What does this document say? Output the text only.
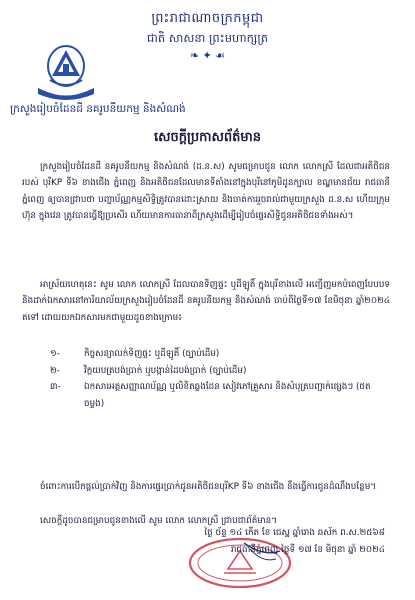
ព្រះរាជាណាចក្រកម្ពុជា
ជាតិ សាសនា ព្រះមហាក្សត្រ
❧ ✦ ☙
ក្រសួងរៀបចំដែនដី នគរូបនីយកម្ម និងសំណង់
សេចក្តីប្រកាសព័ត៌មាន

ក្រសួងរៀបចំដែនដី នគរូបនីយកម្ម និងសំណង់ (ដ.ន.ស) សូមជម្រាបជូន លោក លោកស្រី ដែលជាអតិថិជនរបស់ បុរីKP ទី៦ ខាងជើង ភ្នំពេញ និងអតិថិជនដែលមានទីតាំងនៅក្នុងបុរីនៅភូមិដូនក្បាល ខណ្ឌមានជ័យ រាជធានីភ្នំពេញ ឲ្យបានជ្រាបថា បញ្ហាប័ណ្ណកម្មសិទ្ធិត្រូវបានដោះស្រាយ និងចាត់ការរួចរាល់ជាមួយក្រសួង ដ.ន.ស ហើយក្រុមហ៊ុន ក្នុងវេន ត្រូវបានធ្វើឱ្យប្រសើរ ហើយមានការធានាពីក្រសួងដើម្បីរៀបចំផ្ទេរសិទ្ធិជូនអតិថិជនទាំងអស់។

អាស្រ័យហេតុនេះ សូម លោក លោកស្រី ដែលបានទិញផ្ទះ ឬដីឡូតិ៍ ក្នុងបុរីខាងលើ អញ្ជើញមកបំពេញបែបបទ និងដាក់ឯកសារនៅការិយាល័យក្រសួងរៀបចំដែនដី នគរូបនីយកម្ម និងសំណង់ ចាប់ពីថ្ងៃទី១៧ ខែមិថុនា ឆ្នាំ២០២៤ តទៅ ដោយយកឯកសារមកជាមួយដូចខាងក្រោម៖

១-	កិច្ចសន្យាលក់ទិញផ្ទះ ឬដីឡូតិ៍ (ច្បាប់ដើម)
២-	វិក្កយបត្របង់ប្រាក់ ឬបង្កាន់ដៃបង់ប្រាក់ (ច្បាប់ដើម)
៣-	ឯកសារអត្តសញ្ញាណប័ណ្ណ ឬលិខិតឆ្លងដែន សៀវភៅគ្រួសារ និងសំបុត្របញ្ជាក់ផ្សេងៗ (ថតចម្លង)

ចំពោះការបើកផ្តល់ប្រាក់វិញ និងការផ្ទេរប្រាក់ជូនអតិថិជនបុរីKP ទី៦ ខាងជើង នឹងធ្វើការជូនដំណឹងបន្ថែម។

សេចក្តីដូចបានជម្រាបជូនខាងលើ សូម លោក លោកស្រី ជ្រាបជាព័ត៌មាន។

ថ្ងៃ ច័ន្ទ ១៤ កើត ខែ ជេស្ឋ ឆ្នាំរោង ឆស័ក ព.ស.២៥៦៨
រាជធានីភ្នំពេញ ថ្ងៃទី ១៧ ខែ មិថុនា ឆ្នាំ ២០២៤
